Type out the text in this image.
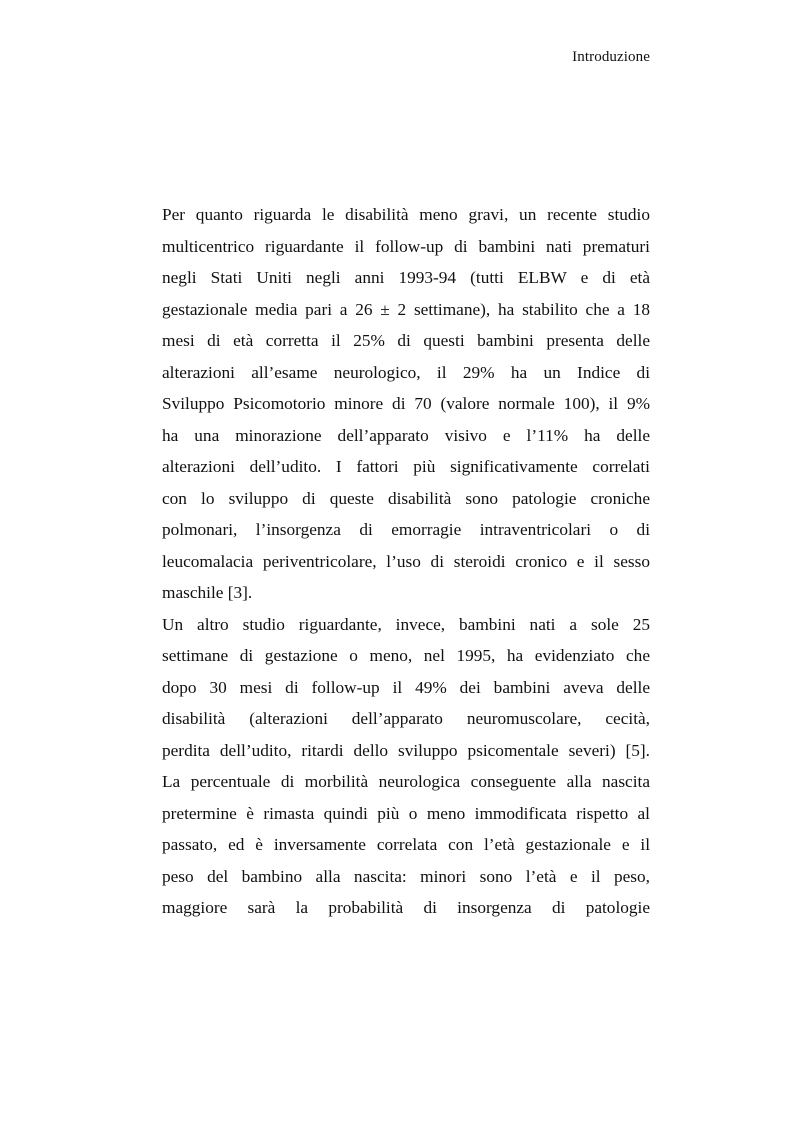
Introduzione
Per quanto riguarda le disabilità meno gravi, un recente studio
multicentrico riguardante il follow-up di bambini nati prematuri
negli Stati Uniti negli anni 1993-94 (tutti ELBW e di età
gestazionale media pari a 26 ± 2 settimane), ha stabilito che a 18
mesi di età corretta il 25% di questi bambini presenta delle
alterazioni all’esame neurologico, il 29% ha un Indice di
Sviluppo Psicomotorio minore di 70 (valore normale 100), il 9%
ha una minorazione dell’apparato visivo e l’11% ha delle
alterazioni dell’udito. I fattori più significativamente correlati
con lo sviluppo di queste disabilità sono patologie croniche
polmonari, l’insorgenza di emorragie intraventricolari o di
leucomalacia periventricolare, l’uso di steroidi cronico e il sesso
maschile [3].
Un altro studio riguardante, invece, bambini nati a sole 25
settimane di gestazione o meno, nel 1995, ha evidenziato che
dopo 30 mesi di follow-up il 49% dei bambini aveva delle
disabilità (alterazioni dell’apparato neuromuscolare, cecità,
perdita dell’udito, ritardi dello sviluppo psicomentale severi) [5].
La percentuale di morbilità neurologica conseguente alla nascita
pretermine è rimasta quindi più o meno immodificata rispetto al
passato, ed è inversamente correlata con l’età gestazionale e il
peso del bambino alla nascita: minori sono l’età e il peso,
maggiore sarà la probabilità di insorgenza di patologie
